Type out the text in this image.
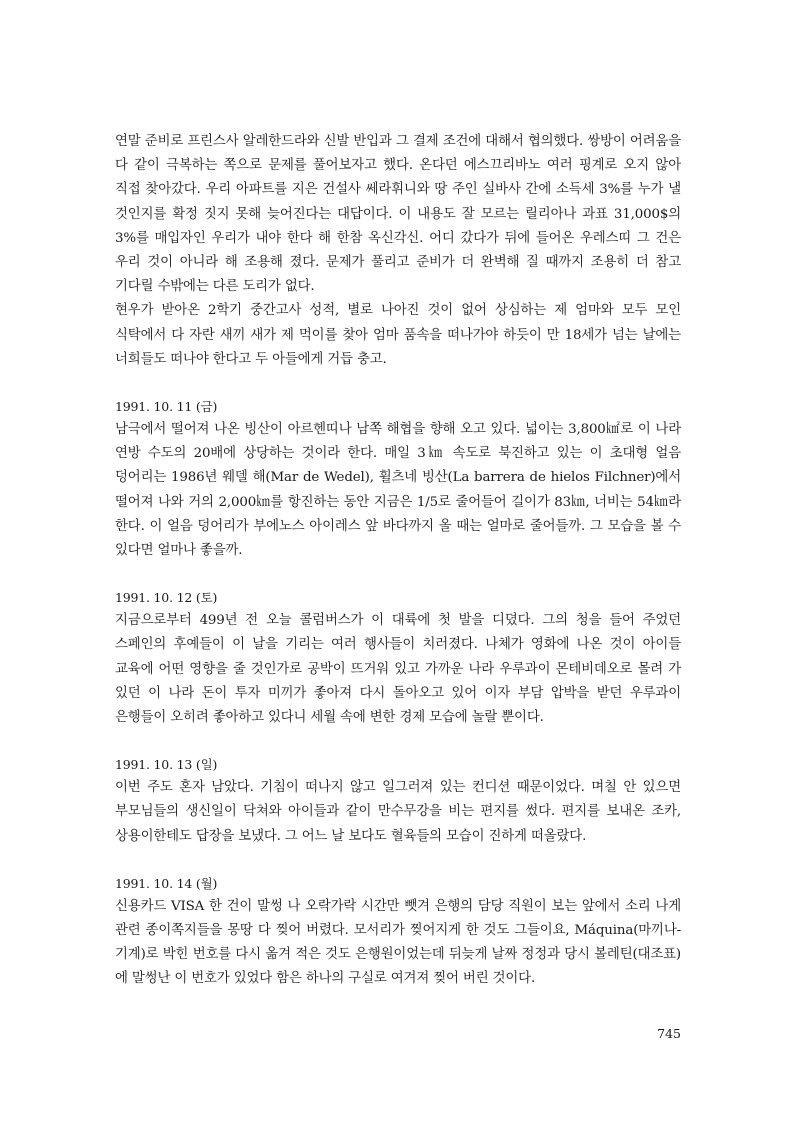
연말 준비로 프린스사 알레한드라와 신발 반입과 그 결제 조건에 대해서 협의했다. 쌍방이 어려움을 다 같이 극복하는 쪽으로 문제를 풀어보자고 했다. 온다던 에스끄리바노 여러 핑계로 오지 않아 직접 찾아갔다. 우리 아파트를 지은 건설사 쎄라휘니와 땅 주인 실바사 간에 소득세 3%를 누가 낼 것인지를 확정 짓지 못해 늦어진다는 대답이다. 이 내용도 잘 모르는 릴리아나 과표 31,000$의 3%를 매입자인 우리가 내야 한다 해 한참 옥신각신. 어디 갔다가 뒤에 들어온 우레스띠 그 건은 우리 것이 아니라 해 조용해 졌다. 문제가 풀리고 준비가 더 완벽해 질 때까지 조용히 더 참고 기다릴 수밖에는 다른 도리가 없다.

현우가 받아온 2학기 중간고사 성적, 별로 나아진 것이 없어 상심하는 제 엄마와 모두 모인 식탁에서 다 자란 새끼 새가 제 먹이를 찾아 엄마 품속을 떠나가야 하듯이 만 18세가 넘는 날에는 너희들도 떠나야 한다고 두 아들에게 거듭 충고.

1991. 10. 11 (금)

남극에서 떨어져 나온 빙산이 아르헨띠나 남쪽 해협을 향해 오고 있다. 넓이는 3,800㎢로 이 나라 연방 수도의 20배에 상당하는 것이라 한다. 매일 3㎞ 속도로 북진하고 있는 이 초대형 얼음 덩어리는 1986년 웨델 해(Mar de Wedel), 휠츠네 빙산(La barrera de hielos Filchner)에서 떨어져 나와 거의 2,000㎞를 항진하는 동안 지금은 1/5로 줄어들어 길이가 83㎞, 너비는 54㎞라 한다. 이 얼음 덩어리가 부에노스 아이레스 앞 바다까지 올 때는 얼마로 줄어들까. 그 모습을 볼 수 있다면 얼마나 좋을까.

1991. 10. 12 (토)

지금으로부터 499년 전 오늘 콜럼버스가 이 대륙에 첫 발을 디뎠다. 그의 청을 들어 주었던 스페인의 후예들이 이 날을 기리는 여러 행사들이 치러졌다. 나체가 영화에 나온 것이 아이들 교육에 어떤 영향을 줄 것인가로 공박이 뜨거워 있고 가까운 나라 우루과이 몬테비데오로 몰려 가 있던 이 나라 돈이 투자 미끼가 좋아져 다시 돌아오고 있어 이자 부담 압박을 받던 우루과이 은행들이 오히려 좋아하고 있다니 세월 속에 변한 경제 모습에 놀랄 뿐이다.

1991. 10. 13 (일)

이번 주도 혼자 남았다. 기침이 떠나지 않고 일그러져 있는 컨디션 때문이었다. 며칠 안 있으면 부모님들의 생신일이 닥쳐와 아이들과 같이 만수무강을 비는 편지를 썼다. 편지를 보내온 조카, 상용이한테도 답장을 보냈다. 그 어느 날 보다도 혈육들의 모습이 진하게 떠올랐다.

1991. 10. 14 (월)

신용카드 VISA 한 건이 말썽 나 오락가락 시간만 뺏겨 은행의 담당 직원이 보는 앞에서 소리 나게 관련 종이쪽지들을 몽땅 다 찢어 버렸다. 모서리가 찢어지게 한 것도 그들이요, Máquina(마끼나-기계)로 박힌 번호를 다시 옮겨 적은 것도 은행원이었는데 뒤늦게 날짜 정정과 당시 볼레틴(대조표)에 말썽난 이 번호가 있었다 함은 하나의 구실로 여겨져 찢어 버린 것이다.

745
